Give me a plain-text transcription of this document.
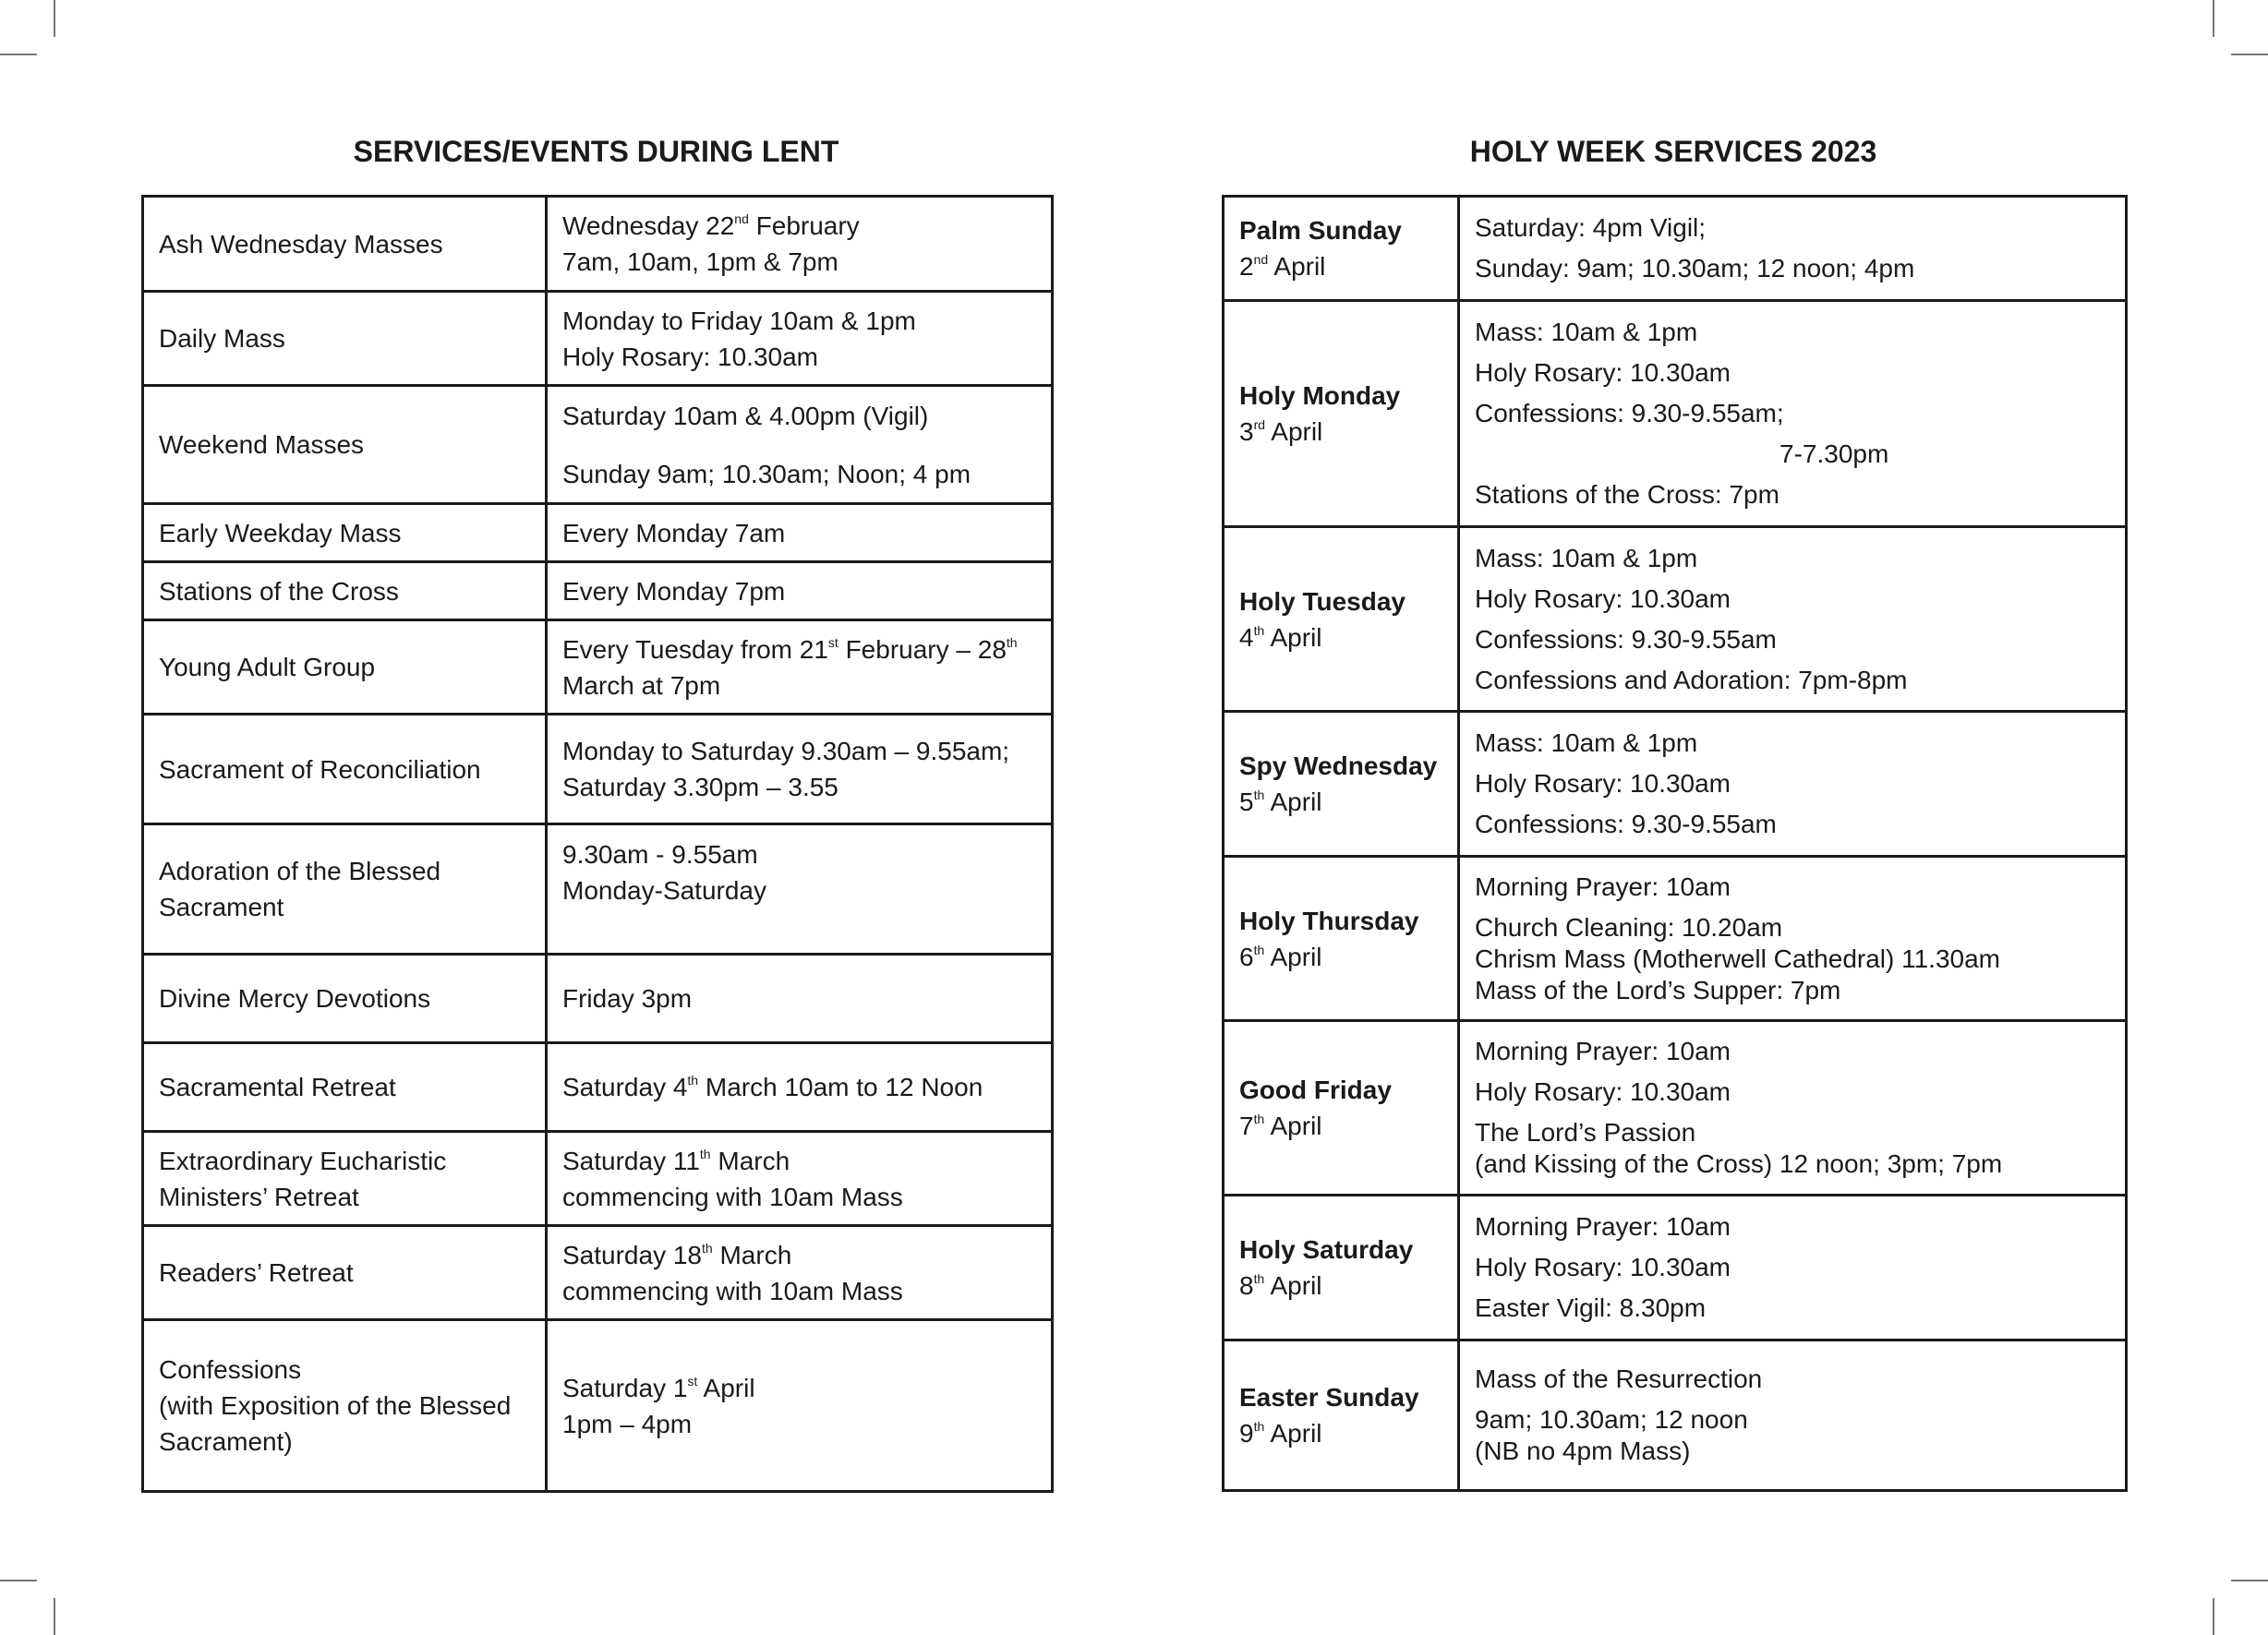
SERVICES/EVENTS DURING LENT
Ash Wednesday Masses	Wednesday 22nd February
7am, 10am, 1pm & 7pm

Daily Mass	Monday to Friday 10am & 1pm
Holy Rosary: 10.30am

Weekend Masses	Saturday 10am & 4.00pm (Vigil)
Sunday 9am; 10.30am; Noon; 4 pm

Early Weekday Mass	Every Monday 7am

Stations of the Cross	Every Monday 7pm

Young Adult Group	Every Tuesday from 21st February – 28th
March at 7pm

Sacrament of Reconciliation	Monday to Saturday 9.30am – 9.55am;
Saturday 3.30pm – 3.55

Adoration of the Blessed
Sacrament	9.30am - 9.55am
Monday-Saturday

Divine Mercy Devotions	Friday 3pm

Sacramental Retreat	Saturday 4th March 10am to 12 Noon

Extraordinary Eucharistic
Ministers’ Retreat	Saturday 11th March
commencing with 10am Mass

Readers’ Retreat	Saturday 18th March
commencing with 10am Mass

Confessions
(with Exposition of the Blessed
Sacrament)	Saturday 1st April
1pm – 4pm
HOLY WEEK SERVICES 2023
Palm Sunday
2nd April	Saturday: 4pm Vigil;
Sunday: 9am; 10.30am; 12 noon; 4pm

Holy Monday
3rd April	Mass: 10am & 1pm
Holy Rosary: 10.30am
Confessions: 9.30-9.55am;
7-7.30pm
Stations of the Cross: 7pm

Holy Tuesday
4th April	Mass: 10am & 1pm
Holy Rosary: 10.30am
Confessions: 9.30-9.55am
Confessions and Adoration: 7pm-8pm

Spy Wednesday
5th April	Mass: 10am & 1pm
Holy Rosary: 10.30am
Confessions: 9.30-9.55am

Holy Thursday
6th April	Morning Prayer: 10am
Church Cleaning: 10.20am
Chrism Mass (Motherwell Cathedral) 11.30am
Mass of the Lord’s Supper: 7pm

Good Friday
7th April	Morning Prayer: 10am
Holy Rosary: 10.30am
The Lord’s Passion
(and Kissing of the Cross) 12 noon; 3pm; 7pm

Holy Saturday
8th April	Morning Prayer: 10am
Holy Rosary: 10.30am
Easter Vigil: 8.30pm

Easter Sunday
9th April	Mass of the Resurrection
9am; 10.30am; 12 noon
(NB no 4pm Mass)
